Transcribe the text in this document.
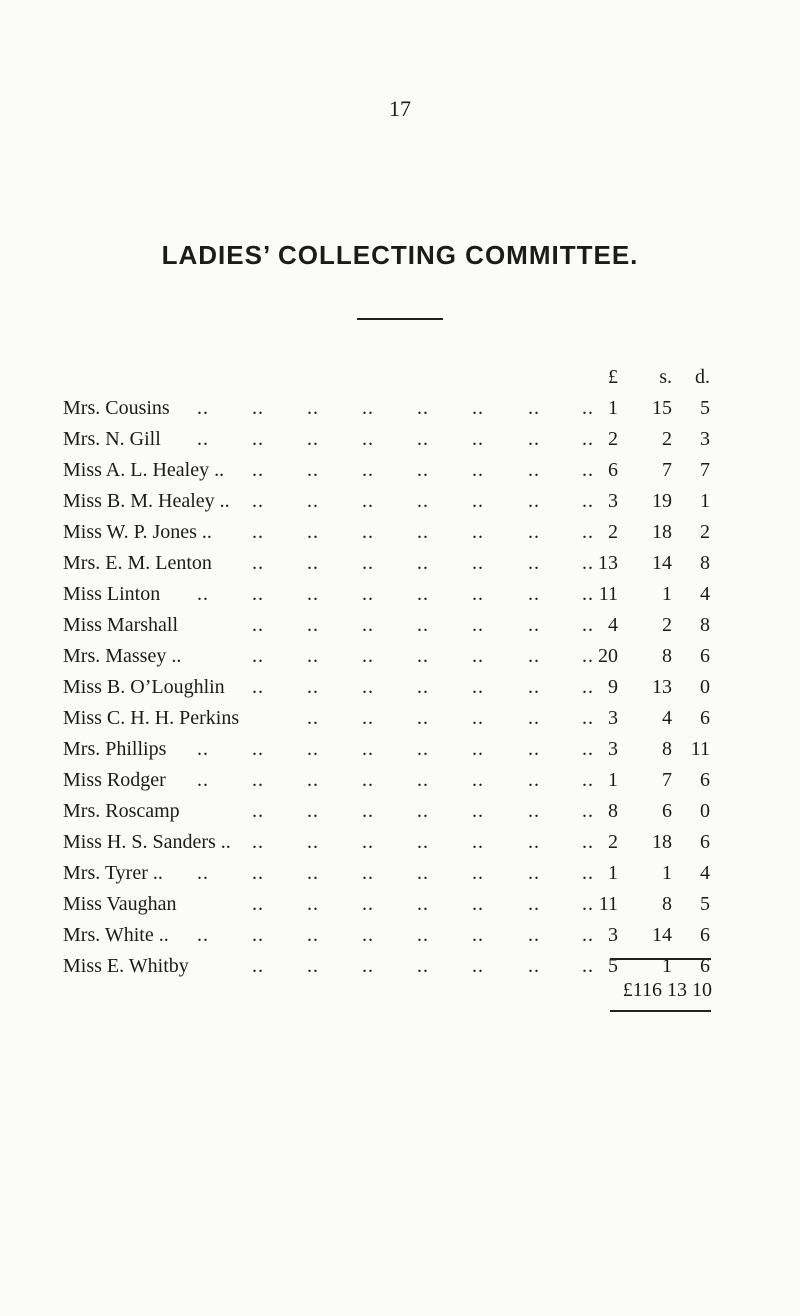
17
LADIES’ COLLECTING COMMITTEE.
£	s.	d.
Mrs. Cousins	..	..	..	..	..	..	..	.. 1	15	5
Mrs. N. Gill	..	..	..	..	..	..	..	.. 2	2	3
Miss A. L. Healey ..	..	..	..	..	..	..	.. 6	7	7
Miss B. M. Healey ..	..	..	..	..	..	..	.. 3	19	1
Miss W. P. Jones ..	..	..	..	..	..	..	.. 2	18	2
Mrs. E. M. Lenton	..	..	..	..	..	..	.. 13	14	8
Miss Linton	..	..	..	..	..	..	..	.. 11	1	4
Miss Marshall	..	..	..	..	..	..	.. 4	2	8
Mrs. Massey ..	..	..	..	..	..	..	.. 20	8	6
Miss B. O’Loughlin	..	..	..	..	..	..	.. 9	13	0
Miss C. H. H. Perkins	..	..	..	..	..	.. 3	4	6
Mrs. Phillips	..	..	..	..	..	..	..	.. 3	8 11
Miss Rodger	..	..	..	..	..	..	..	.. 1	7	6
Mrs. Roscamp	..	..	..	..	..	..	.. 8	6	0
Miss H. S. Sanders ..	..	..	..	..	..	..	.. 2	18	6
Mrs. Tyrer ..	..	..	..	..	..	..	..	.. 1	1	4
Miss Vaughan	..	..	..	..	..	..	.. 11	8	5
Mrs. White ..	..	..	..	..	..	..	..	.. 3	14	6
Miss E. Whitby	..	..	..	..	..	..	.. 5	1	6
£116 13 10
